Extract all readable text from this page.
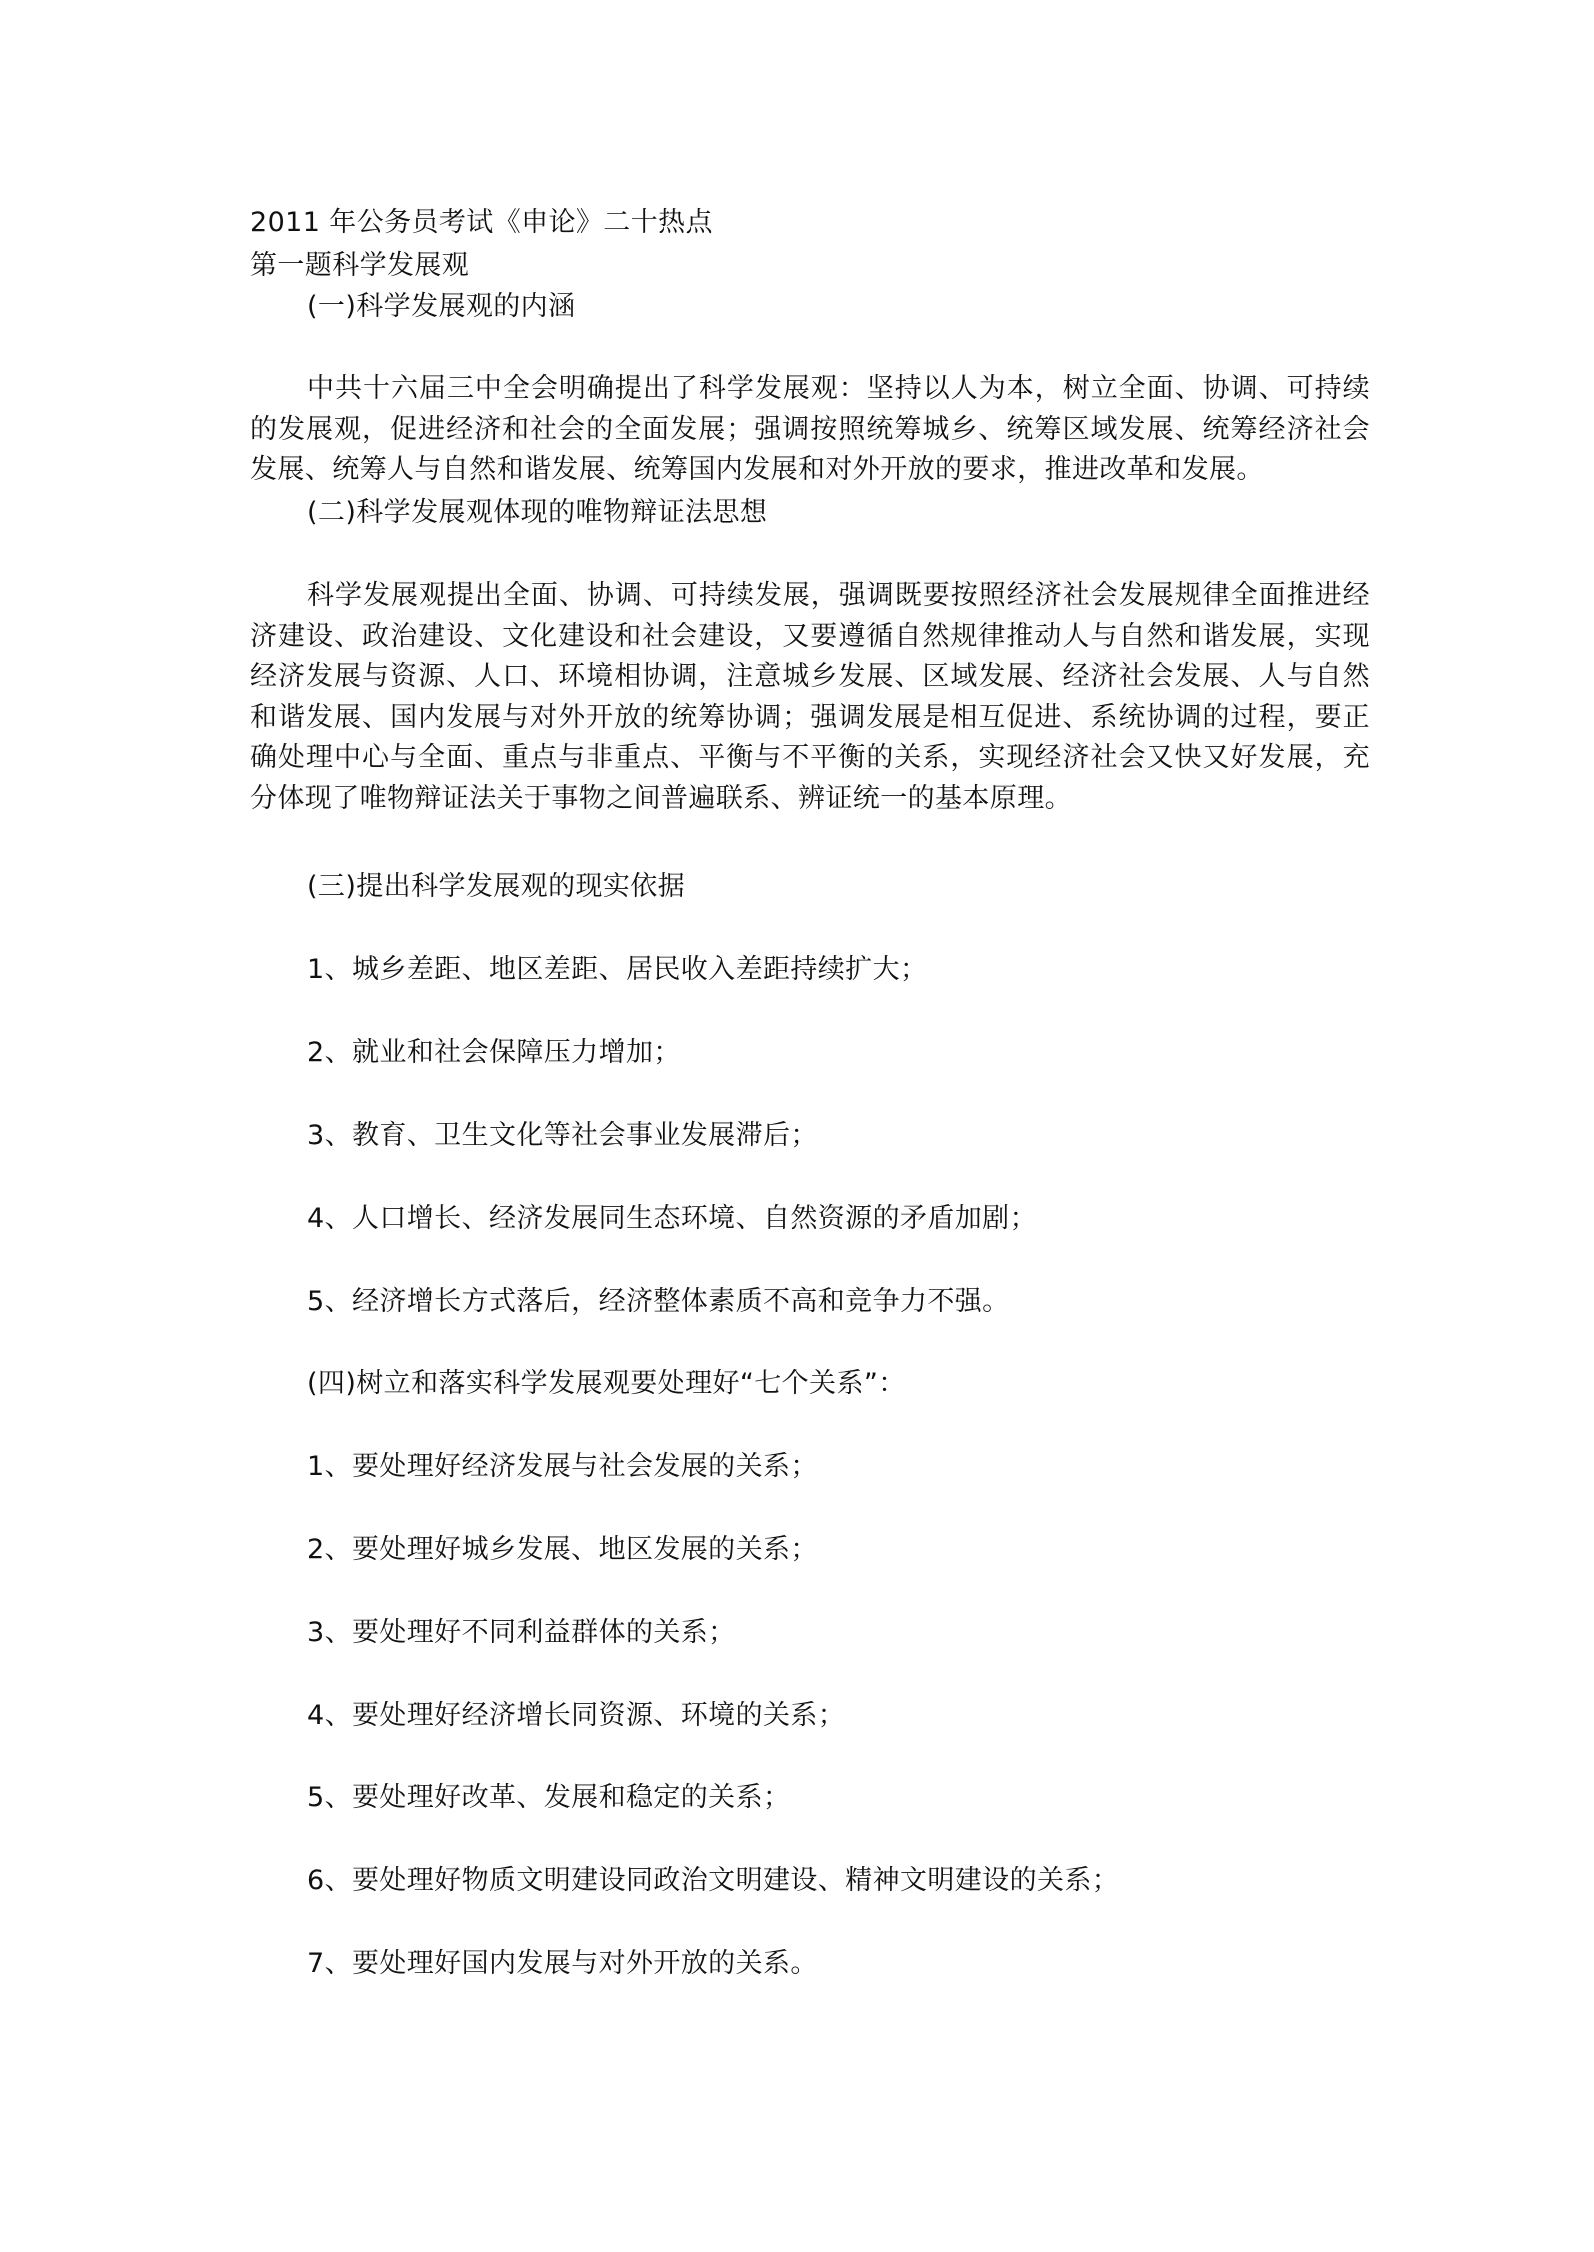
2011 年公务员考试《申论》二十热点
第一题科学发展观
(一)科学发展观的内涵

中共十六届三中全会明确提出了科学发展观：坚持以人为本，树立全面、协调、可持续的发展观，促进经济和社会的全面发展；强调按照统筹城乡、统筹区域发展、统筹经济社会发展、统筹人与自然和谐发展、统筹国内发展和对外开放的要求，推进改革和发展。

(二)科学发展观体现的唯物辩证法思想

科学发展观提出全面、协调、可持续发展，强调既要按照经济社会发展规律全面推进经济建设、政治建设、文化建设和社会建设，又要遵循自然规律推动人与自然和谐发展，实现经济发展与资源、人口、环境相协调，注意城乡发展、区域发展、经济社会发展、人与自然和谐发展、国内发展与对外开放的统筹协调；强调发展是相互促进、系统协调的过程，要正确处理中心与全面、重点与非重点、平衡与不平衡的关系，实现经济社会又快又好发展，充分体现了唯物辩证法关于事物之间普遍联系、辨证统一的基本原理。

(三)提出科学发展观的现实依据
1、城乡差距、地区差距、居民收入差距持续扩大；
2、就业和社会保障压力增加；
3、教育、卫生文化等社会事业发展滞后；
4、人口增长、经济发展同生态环境、自然资源的矛盾加剧；
5、经济增长方式落后，经济整体素质不高和竞争力不强。
(四)树立和落实科学发展观要处理好“七个关系”：
1、要处理好经济发展与社会发展的关系；
2、要处理好城乡发展、地区发展的关系；
3、要处理好不同利益群体的关系；
4、要处理好经济增长同资源、环境的关系；
5、要处理好改革、发展和稳定的关系；
6、要处理好物质文明建设同政治文明建设、精神文明建设的关系；
7、要处理好国内发展与对外开放的关系。
